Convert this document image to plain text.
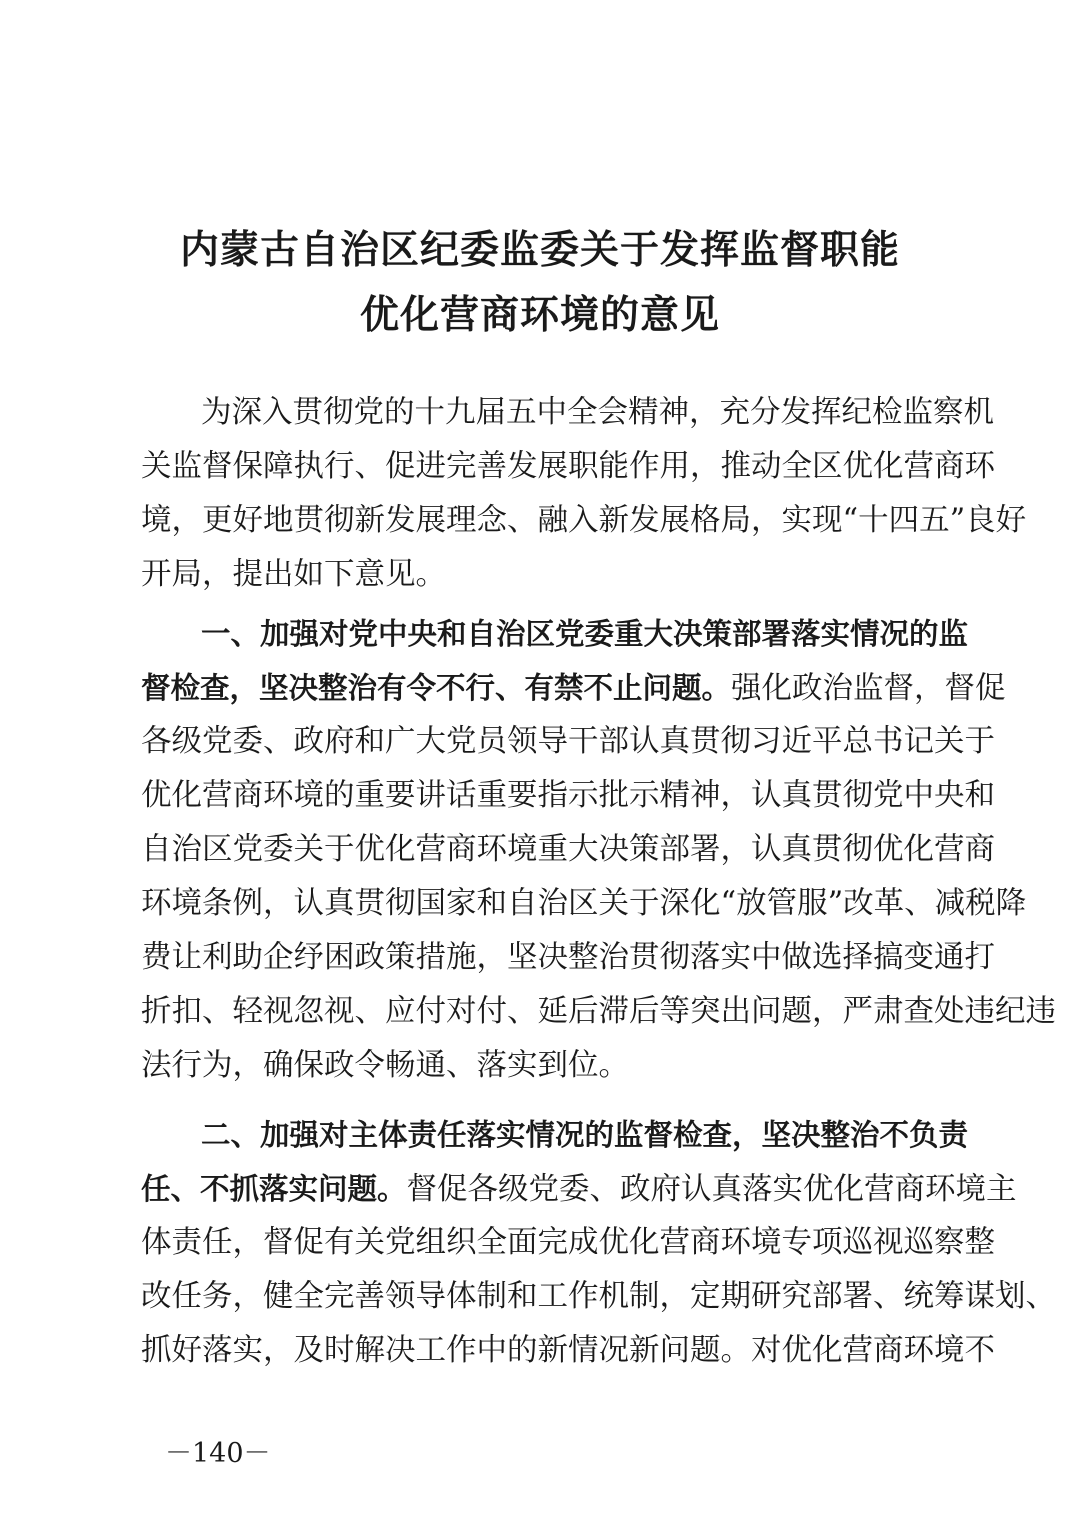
内蒙古自治区纪委监委关于发挥监督职能
优化营商环境的意见
为深入贯彻党的十九届五中全会精神，充分发挥纪检监察机
关监督保障执行、促进完善发展职能作用，推动全区优化营商环
境，更好地贯彻新发展理念、融入新发展格局，实现“十四五”良好
开局，提出如下意见。
一、加强对党中央和自治区党委重大决策部署落实情况的监
督检查，坚决整治有令不行、有禁不止问题。强化政治监督，督促
各级党委、政府和广大党员领导干部认真贯彻习近平总书记关于
优化营商环境的重要讲话重要指示批示精神，认真贯彻党中央和
自治区党委关于优化营商环境重大决策部署，认真贯彻优化营商
环境条例，认真贯彻国家和自治区关于深化“放管服”改革、减税降
费让利助企纾困政策措施，坚决整治贯彻落实中做选择搞变通打
折扣、轻视忽视、应付对付、延后滞后等突出问题，严肃查处违纪违
法行为，确保政令畅通、落实到位。
二、加强对主体责任落实情况的监督检查，坚决整治不负责
任、不抓落实问题。督促各级党委、政府认真落实优化营商环境主
体责任，督促有关党组织全面完成优化营商环境专项巡视巡察整
改任务，健全完善领导体制和工作机制，定期研究部署、统筹谋划、
抓好落实，及时解决工作中的新情况新问题。对优化营商环境不
－140－
